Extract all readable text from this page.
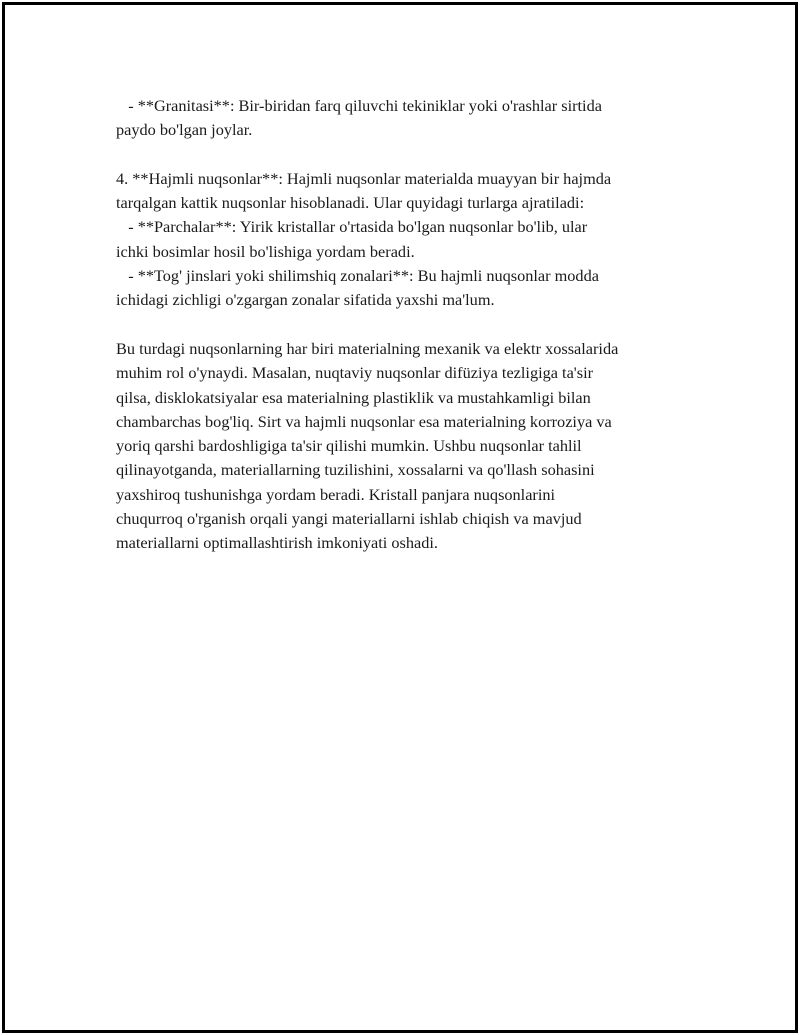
- **Granitasi**: Bir-biridan farq qiluvchi tekiniklar yoki o'rashlar sirtida
paydo bo'lgan joylar.

4. **Hajmli nuqsonlar**: Hajmli nuqsonlar materialda muayyan bir hajmda
tarqalgan kattik nuqsonlar hisoblanadi. Ular quyidagi turlarga ajratiladi:
- **Parchalar**: Yirik kristallar o'rtasida bo'lgan nuqsonlar bo'lib, ular
ichki bosimlar hosil bo'lishiga yordam beradi.
- **Tog' jinslari yoki shilimshiq zonalari**: Bu hajmli nuqsonlar modda
ichidagi zichligi o'zgargan zonalar sifatida yaxshi ma'lum.

Bu turdagi nuqsonlarning har biri materialning mexanik va elektr xossalarida
muhim rol o'ynaydi. Masalan, nuqtaviy nuqsonlar difüziya tezligiga ta'sir
qilsa, disklokatsiyalar esa materialning plastiklik va mustahkamligi bilan
chambarchas bog'liq. Sirt va hajmli nuqsonlar esa materialning korroziya va
yoriq qarshi bardoshligiga ta'sir qilishi mumkin. Ushbu nuqsonlar tahlil
qilinayotganda, materiallarning tuzilishini, xossalarni va qo'llash sohasini
yaxshiroq tushunishga yordam beradi. Kristall panjara nuqsonlarini
chuqurroq o'rganish orqali yangi materiallarni ishlab chiqish va mavjud
materiallarni optimallashtirish imkoniyati oshadi.
